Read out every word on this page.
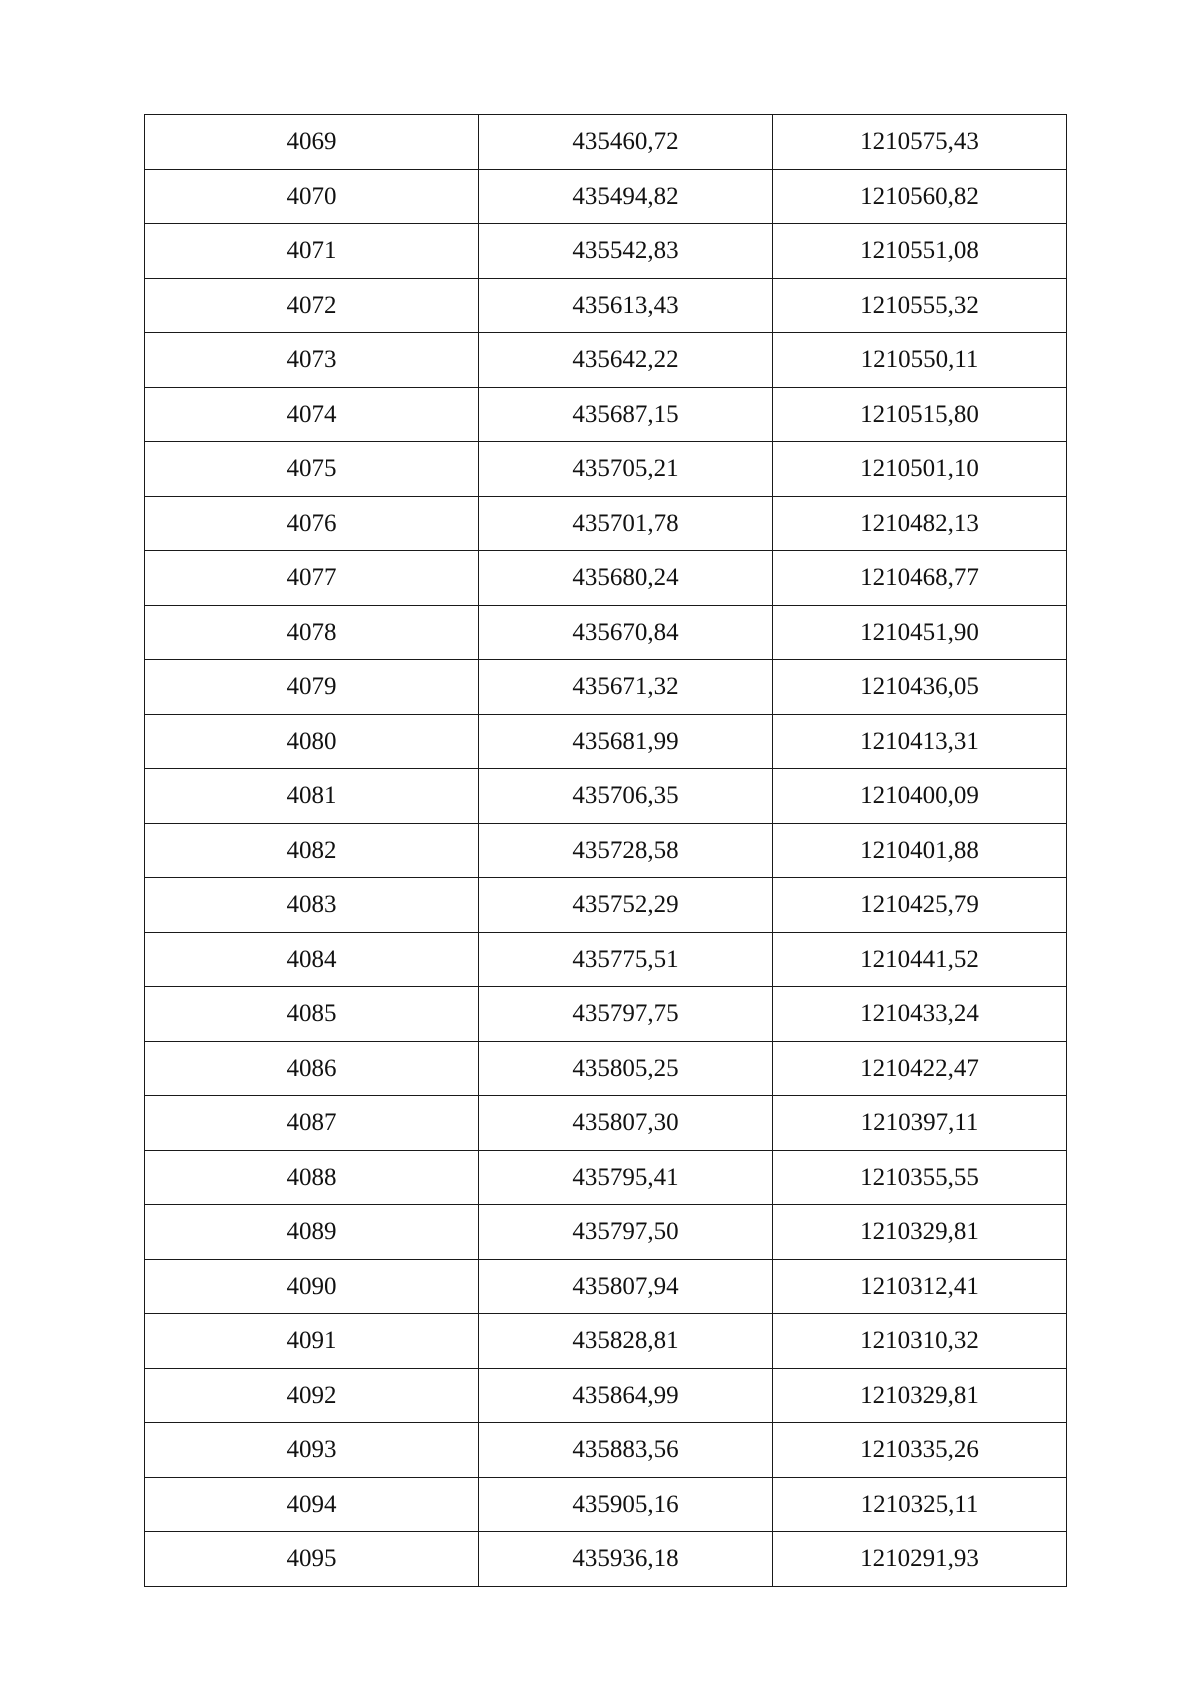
4069	435460,72	1210575,43
4070	435494,82	1210560,82
4071	435542,83	1210551,08
4072	435613,43	1210555,32
4073	435642,22	1210550,11
4074	435687,15	1210515,80
4075	435705,21	1210501,10
4076	435701,78	1210482,13
4077	435680,24	1210468,77
4078	435670,84	1210451,90
4079	435671,32	1210436,05
4080	435681,99	1210413,31
4081	435706,35	1210400,09
4082	435728,58	1210401,88
4083	435752,29	1210425,79
4084	435775,51	1210441,52
4085	435797,75	1210433,24
4086	435805,25	1210422,47
4087	435807,30	1210397,11
4088	435795,41	1210355,55
4089	435797,50	1210329,81
4090	435807,94	1210312,41
4091	435828,81	1210310,32
4092	435864,99	1210329,81
4093	435883,56	1210335,26
4094	435905,16	1210325,11
4095	435936,18	1210291,93
